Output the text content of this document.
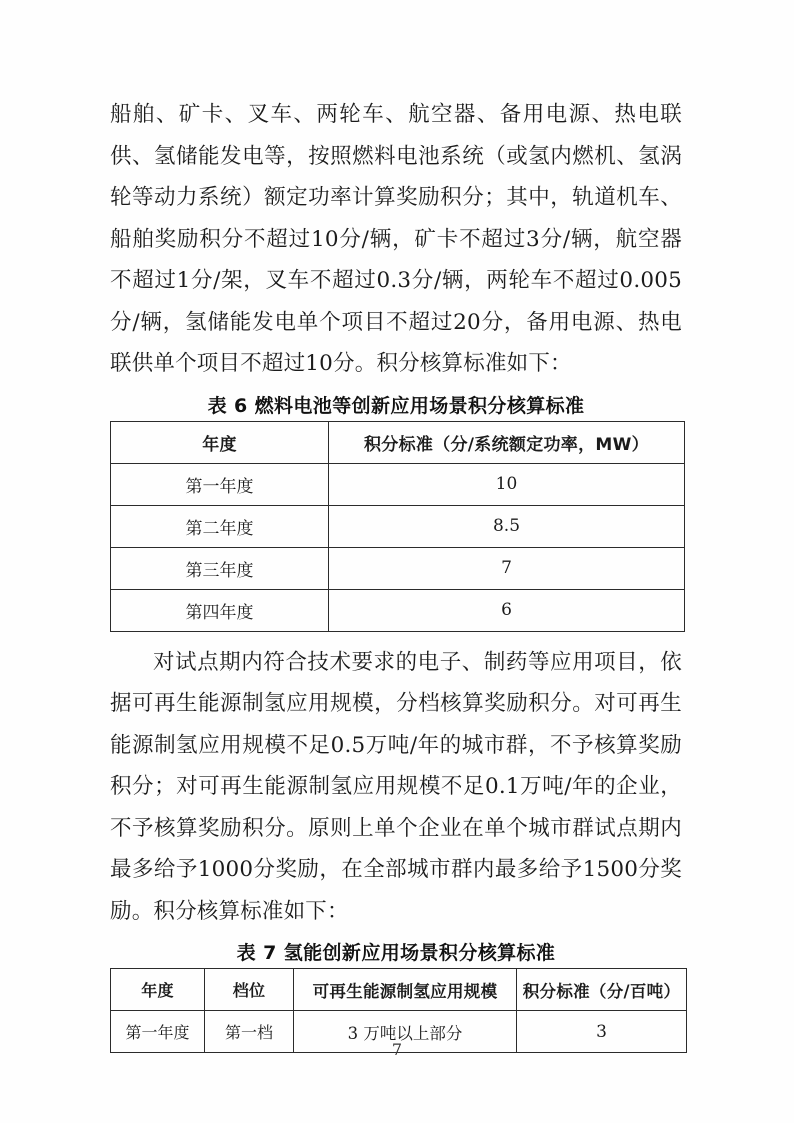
船舶、矿卡、叉车、两轮车、航空器、备用电源、热电联供、氢储能发电等，按照燃料电池系统（或氢内燃机、氢涡轮等动力系统）额定功率计算奖励积分；其中，轨道机车、船舶奖励积分不超过10分/辆，矿卡不超过3分/辆，航空器不超过1分/架，叉车不超过0.3分/辆，两轮车不超过0.005分/辆，氢储能发电单个项目不超过20分，备用电源、热电联供单个项目不超过10分。积分核算标准如下：

表 6 燃料电池等创新应用场景积分核算标准
年度	积分标准（分/系统额定功率，MW）
第一年度	10
第二年度	8.5
第三年度	7
第四年度	6

对试点期内符合技术要求的电子、制药等应用项目，依据可再生能源制氢应用规模，分档核算奖励积分。对可再生能源制氢应用规模不足0.5万吨/年的城市群，不予核算奖励积分；对可再生能源制氢应用规模不足0.1万吨/年的企业，不予核算奖励积分。原则上单个企业在单个城市群试点期内最多给予1000分奖励，在全部城市群内最多给予1500分奖励。积分核算标准如下：

表 7 氢能创新应用场景积分核算标准
年度	档位	可再生能源制氢应用规模	积分标准（分/百吨）
第一年度	第一档	3 万吨以上部分	3
7
